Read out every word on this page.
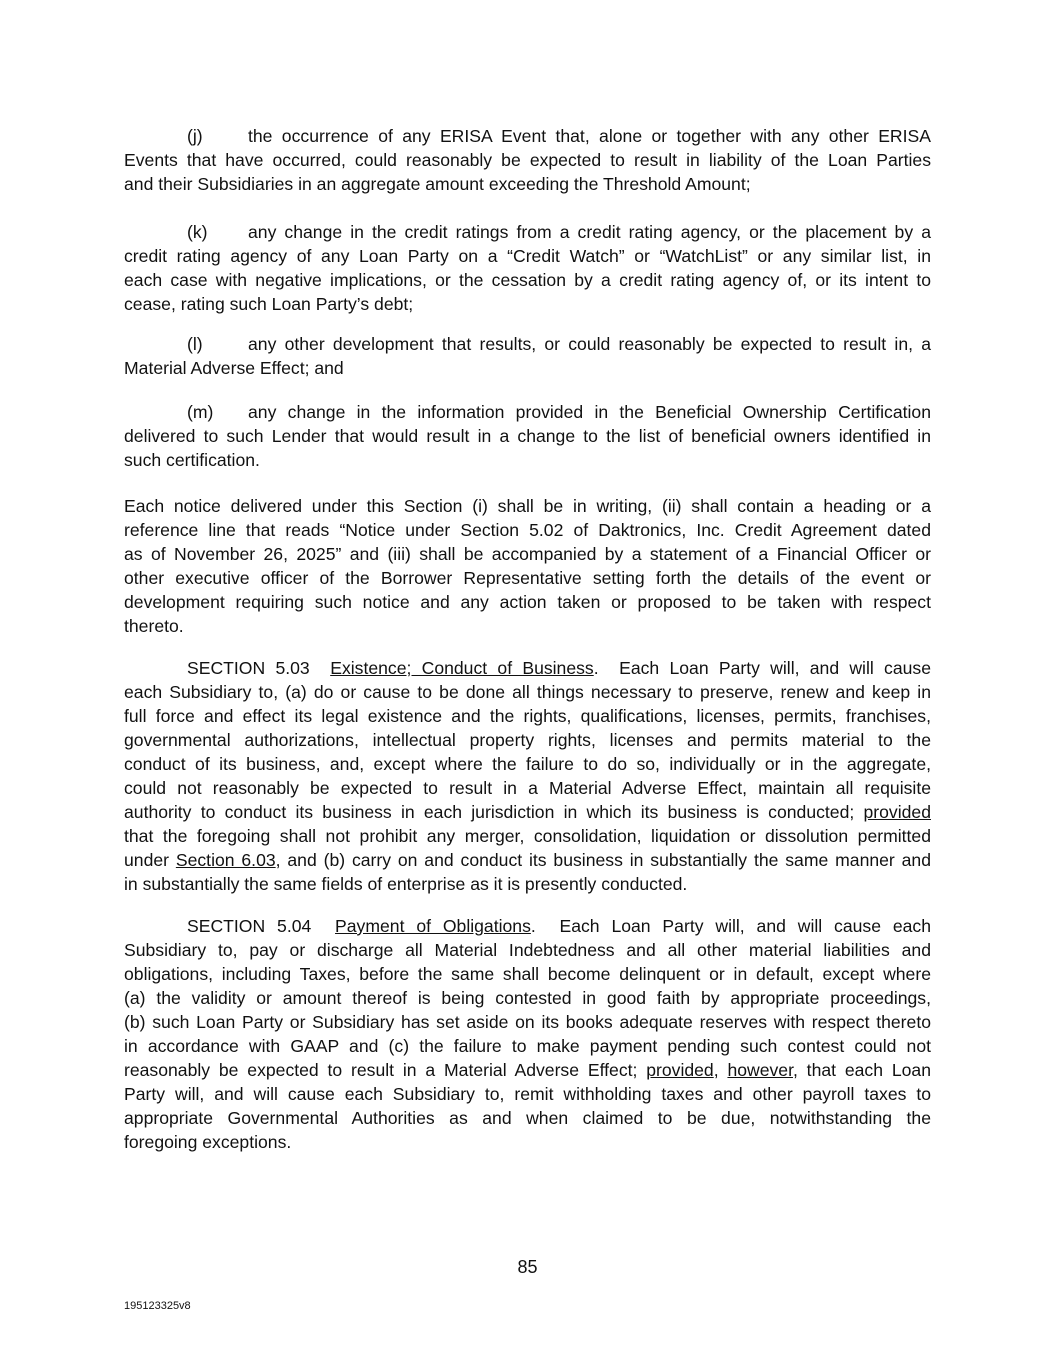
(j)	the occurrence of any ERISA Event that, alone or together with any other ERISA
Events that have occurred, could reasonably be expected to result in liability of the Loan Parties
and their Subsidiaries in an aggregate amount exceeding the Threshold Amount;
(k) any change in the credit ratings from a credit rating agency, or the placement by a
credit rating agency of any Loan Party on a “Credit Watch” or “WatchList” or any similar list, in
each case with negative implications, or the cessation by a credit rating agency of, or its intent to
cease, rating such Loan Party’s debt;
(l)	any other development that results, or could reasonably be expected to result in, a
Material Adverse Effect; and
(m) any change in the information provided in the Beneficial Ownership Certification
delivered to such Lender that would result in a change to the list of beneficial owners identified in
such certification.
Each notice delivered under this Section (i) shall be in writing, (ii) shall contain a heading or a
reference line that reads “Notice under Section 5.02 of Daktronics, Inc. Credit Agreement dated
as of November 26, 2025” and (iii) shall be accompanied by a statement of a Financial Officer or
other executive officer of the Borrower Representative setting forth the details of the event or
development requiring such notice and any action taken or proposed to be taken with respect
thereto.
SECTION 5.03  Existence; Conduct of Business.  Each Loan Party will, and will cause
each Subsidiary to, (a) do or cause to be done all things necessary to preserve, renew and keep in
full force and effect its legal existence and the rights, qualifications, licenses, permits, franchises,
governmental authorizations, intellectual property rights, licenses and permits material to the
conduct of its business, and, except where the failure to do so, individually or in the aggregate,
could not reasonably be expected to result in a Material Adverse Effect, maintain all requisite
authority to conduct its business in each jurisdiction in which its business is conducted; provided
that the foregoing shall not prohibit any merger, consolidation, liquidation or dissolution permitted
under Section 6.03, and (b) carry on and conduct its business in substantially the same manner and
in substantially the same fields of enterprise as it is presently conducted.
SECTION 5.04  Payment of Obligations.  Each Loan Party will, and will cause each
Subsidiary to, pay or discharge all Material Indebtedness and all other material liabilities and
obligations, including Taxes, before the same shall become delinquent or in default, except where
(a) the validity or amount thereof is being contested in good faith by appropriate proceedings,
(b) such Loan Party or Subsidiary has set aside on its books adequate reserves with respect thereto
in accordance with GAAP and (c) the failure to make payment pending such contest could not
reasonably be expected to result in a Material Adverse Effect; provided, however, that each Loan
Party will, and will cause each Subsidiary to, remit withholding taxes and other payroll taxes to
appropriate Governmental Authorities as and when claimed to be due, notwithstanding the
foregoing exceptions.
85
195123325v8
